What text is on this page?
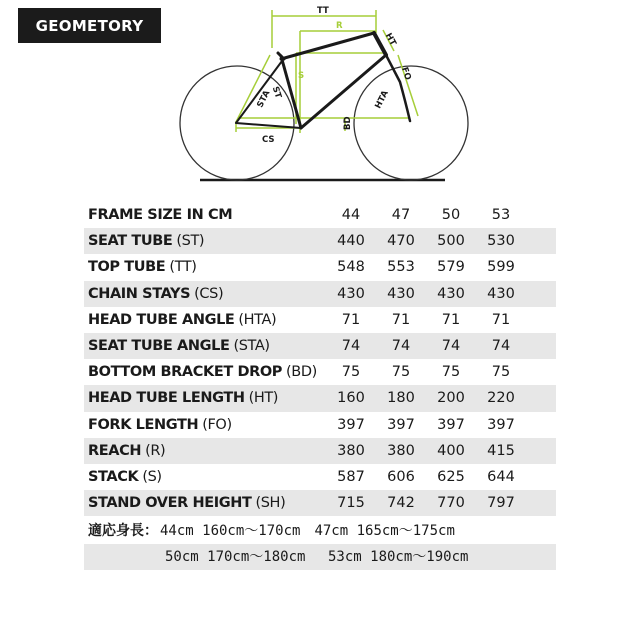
GEOMETORY
TT
R
HT
S
STA
ST	HTA
FO
BD
CS
FRAME SIZE IN CM	44	47	50	53
SEAT TUBE (ST)	440	470	500	530
TOP TUBE (TT)	548	553	579	599
CHAIN STAYS (CS)	430	430	430	430
HEAD TUBE ANGLE (HTA)	71	71	71	71
SEAT TUBE ANGLE (STA)	74	74	74	74
BOTTOM BRACKET DROP (BD)	75	75	75	75
HEAD TUBE LENGTH (HT)	160	180	200	220
FORK LENGTH (FO)	397	397	397	397
REACH (R)	380	380	400	415
STACK (S)	587	606	625	644
STAND OVER HEIGHT (SH)	715	742	770	797
適応身長： 44cm 160cm～170cm 47cm 165cm～175cm
50cm 170cm～180cm 53cm 180cm～190cm
